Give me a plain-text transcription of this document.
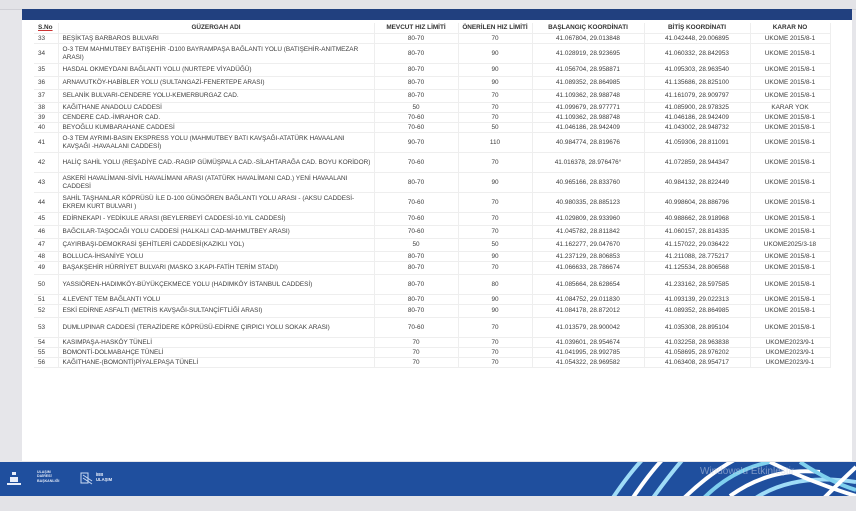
S.No	GÜZERGAH ADI	MEVCUT HIZ LİMİTİ	ÖNERİLEN HIZ LİMİTİ	BAŞLANGIÇ KOORDİNATI	BİTİŞ KOORDİNATI	KARAR NO
33	BEŞİKTAŞ BARBAROS BULVARI	80-70	70	41.067804, 29.013848	41.042448, 29.006895	UKOME 2015/8-1
34	O-3 TEM MAHMUTBEY BATIŞEHİR -D100 BAYRAMPAŞA BAĞLANTI YOLU (BATIŞEHİR-ANITMEZAR ARASI)	80-70	90	41.028919, 28.923695	41.060332, 28.842953	UKOME 2015/8-1
35	HASDAL OKMEYDANI BAĞLANTI YOLU (NURTEPE VİYADÜĞÜ)	80-70	90	41.056704, 28.958871	41.095303, 28.963540	UKOME 2015/8-1
36	ARNAVUTKÖY-HABİBLER YOLU (SULTANGAZİ-FENERTEPE ARASI)	80-70	90	41.089352, 28.864985	41.135686, 28.825100	UKOME 2015/8-1
37	SELANİK BULVARI-CENDERE YOLU-KEMERBURGAZ CAD.	80-70	70	41.109362, 28.988748	41.161079, 28.909797	UKOME 2015/8-1
38	KAĞITHANE ANADOLU CADDESİ	50	70	41.099679, 28.977771	41.085900, 28.978325	KARAR YOK
39	CENDERE CAD.-İMRAHOR CAD.	70-60	70	41.109362, 28.988748	41.046186, 28.942409	UKOME 2015/8-1
40	BEYOĞLU KUMBARAHANE CADDESİ	70-60	50	41.046186, 28.942409	41.043002, 28.948732	UKOME 2015/8-1
41	O-3 TEM AYRIMI-BASIN EKSPRESS YOLU (MAHMUTBEY BATI KAVŞAĞI-ATATÜRK HAVAALANI KAVŞAĞI -HAVAALANI CADDESİ)	90-70	110	40.984774, 28.819676	41.059306, 28.811091	UKOME 2015/8-1
42	HALİÇ SAHİL YOLU (REŞADİYE CAD.-RAGIP GÜMÜŞPALA CAD.-SİLAHTARAĞA CAD. BOYU KORİDOR)	70-60	70	41.016378, 28.976476°	41.072859, 28.944347	UKOME 2015/8-1
43	ASKERİ HAVALİMANI-SİVİL HAVALİMANI ARASI (ATATÜRK HAVALİMANI CAD.) YENİ HAVAALANI CADDESİ	80-70	90	40.965166, 28.833760	40.984132, 28.822449	UKOME 2015/8-1
44	SAHİL TAŞHANLAR KÖPRÜSÜ İLE D-100 GÜNGÖREN BAĞLANTI YOLU ARASI - (AKSU CADDESİ-EKREM KURT BULVARI )	70-60	70	40.980335, 28.885123	40.998604, 28.886796	UKOME 2015/8-1
45	EDİRNEKAPI - YEDİKULE ARASI (BEYLERBEYİ CADDESİ-10.YIL CADDESİ)	70-60	70	41.029809, 28.933960	40.988662, 28.918968	UKOME 2015/8-1
46	BAĞCILAR-TAŞOCAĞI YOLU CADDESİ (HALKALI CAD-MAHMUTBEY ARASI)	70-60	70	41.045782, 28.811842	41.060157, 28.814335	UKOME 2015/8-1
47	ÇAYIRBAŞI-DEMOKRASİ ŞEHİTLERİ CADDESİ(KAZIKLI YOL)	50	50	41.162277, 29.047670	41.157022, 29.036422	UKOME2025/3-18
48	BOLLUCA-İHSANİYE YOLU	80-70	90	41.237129, 28.806853	41.211088, 28.775217	UKOME 2015/8-1
49	BAŞAKŞEHİR HÜRRİYET BULVARI (MASKO 3.KAPI-FATİH TERİM STADI)	80-70	70	41.066633, 28.786674	41.125534, 28.806568	UKOME 2015/8-1
50	YASSIÖREN-HADIMKÖY-BÜYÜKÇEKMECE YOLU (HADIMKÖY İSTANBUL CADDESİ)	80-70	80	41.085664, 28.628654	41.233162, 28.597585	UKOME 2015/8-1
51	4.LEVENT TEM BAĞLANTI YOLU	80-70	90	41.084752, 29.011830	41.093139, 29.022313	UKOME 2015/8-1
52	ESKİ EDİRNE ASFALTI (METRİS KAVŞAĞI-SULTANÇİFTLİĞİ ARASI)	80-70	90	41.084178, 28.872012	41.089352, 28.864985	UKOME 2015/8-1
53	DUMLUPINAR CADDESİ (TERAZİDERE KÖPRÜSÜ-EDİRNE ÇIRPICI YOLU SOKAK ARASI)	70-60	70	41.013579, 28.900042	41.035308, 28.895104	UKOME 2015/8-1
54	KASIMPAŞA-HASKÖY TÜNELİ	70	70	41.039601, 28.954674	41.032258, 28.963838	UKOME2023/9-1
55	BOMONTİ-DOLMABAHÇE TÜNELİ	70	70	41.041995, 28.992785	41.058695, 28.976202	UKOME2023/9-1
56	KAĞITHANE-(BOMONTİ)PİYALEPAŞA TÜNELİ	70	70	41.054322, 28.969582	41.063408, 28.954717	UKOME2023/9-1
ULAŞIM
DAİRESİ
BAŞKANLIĞI
İBB
ULAŞIM
Windows'u Etkinleştir
